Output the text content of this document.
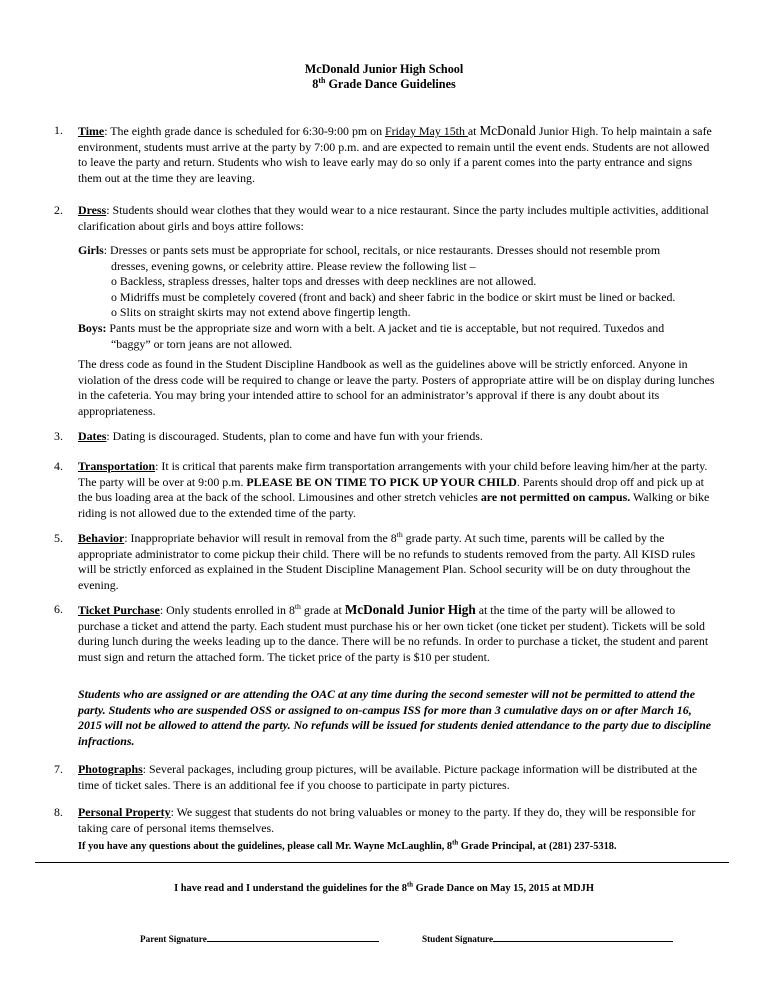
McDonald Junior High School
8th Grade Dance Guidelines
1.	Time: The eighth grade dance is scheduled for 6:30-9:00 pm on Friday May 15th at McDonald Junior High. To help maintain a safe environment, students must arrive at the party by 7:00 p.m. and are expected to remain until the event ends. Students are not allowed to leave the party and return. Students who wish to leave early may do so only if a parent comes into the party entrance and signs them out at the time they are leaving.
2.	Dress: Students should wear clothes that they would wear to a nice restaurant. Since the party includes multiple activities, additional clarification about girls and boys attire follows:
Girls: Dresses or pants sets must be appropriate for school, recitals, or nice restaurants. Dresses should not resemble prom
dresses, evening gowns, or celebrity attire. Please review the following list –
o Backless, strapless dresses, halter tops and dresses with deep necklines are not allowed.
o Midriffs must be completely covered (front and back) and sheer fabric in the bodice or skirt must be lined or backed.
o Slits on straight skirts may not extend above fingertip length.
Boys: Pants must be the appropriate size and worn with a belt. A jacket and tie is acceptable, but not required. Tuxedos and
“baggy” or torn jeans are not allowed.
The dress code as found in the Student Discipline Handbook as well as the guidelines above will be strictly enforced. Anyone in violation of the dress code will be required to change or leave the party. Posters of appropriate attire will be on display during lunches in the cafeteria. You may bring your intended attire to school for an administrator’s approval if there is any doubt about its appropriateness.
3.	Dates: Dating is discouraged. Students, plan to come and have fun with your friends.
4.	Transportation: It is critical that parents make firm transportation arrangements with your child before leaving him/her at the party. The party will be over at 9:00 p.m. PLEASE BE ON TIME TO PICK UP YOUR CHILD. Parents should drop off and pick up at the bus loading area at the back of the school. Limousines and other stretch vehicles are not permitted on campus. Walking or bike riding is not allowed due to the extended time of the party.
5.	Behavior: Inappropriate behavior will result in removal from the 8th grade party. At such time, parents will be called by the appropriate administrator to come pickup their child. There will be no refunds to students removed from the party. All KISD rules will be strictly enforced as explained in the Student Discipline Management Plan. School security will be on duty throughout the evening.
6.	Ticket Purchase: Only students enrolled in 8th grade at McDonald Junior High at the time of the party will be allowed to purchase a ticket and attend the party. Each student must purchase his or her own ticket (one ticket per student). Tickets will be sold during lunch during the weeks leading up to the dance. There will be no refunds. In order to purchase a ticket, the student and parent must sign and return the attached form. The ticket price of the party is $10 per student.
Students who are assigned or are attending the OAC at any time during the second semester will not be permitted to attend the party. Students who are suspended OSS or assigned to on-campus ISS for more than 3 cumulative days on or after March 16, 2015 will not be allowed to attend the party. No refunds will be issued for students denied attendance to the party due to discipline infractions.
7.	Photographs: Several packages, including group pictures, will be available. Picture package information will be distributed at the time of ticket sales. There is an additional fee if you choose to participate in party pictures.
8.	Personal Property: We suggest that students do not bring valuables or money to the party. If they do, they will be responsible for taking care of personal items themselves.
If you have any questions about the guidelines, please call Mr. Wayne McLaughlin, 8th Grade Principal, at (281) 237-5318.
I have read and I understand the guidelines for the 8th Grade Dance on May 15, 2015 at MDJH
Parent Signature	Student Signature
